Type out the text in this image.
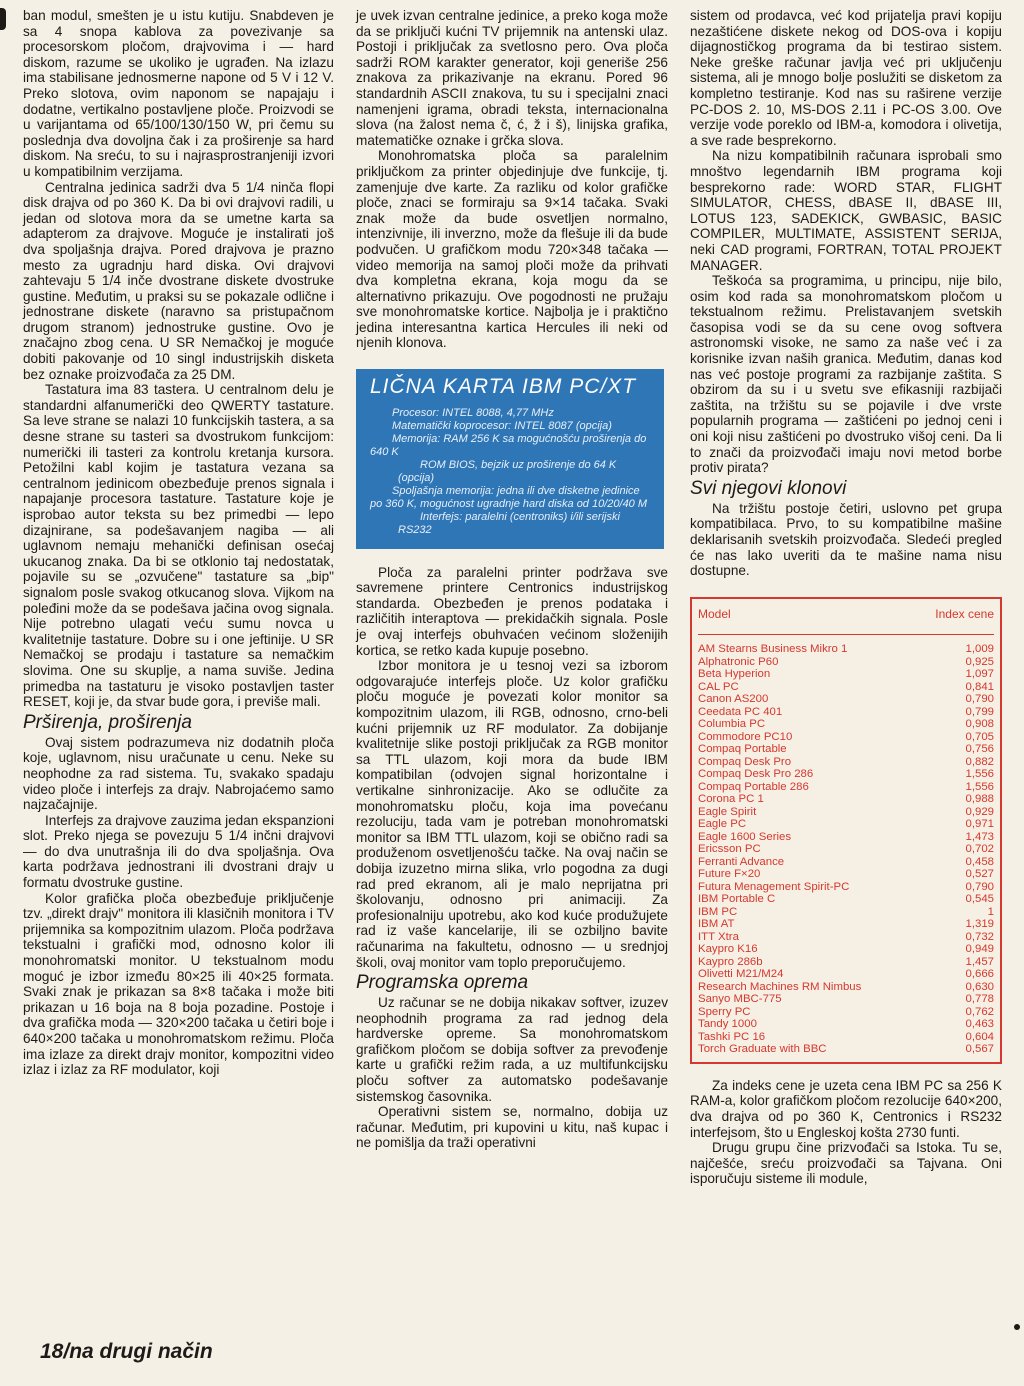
ban modul, smešten je u istu kutiju. Snabdeven je sa 4 snopa kablova za povezivanje sa procesorskom pločom, drajvovima i — hard diskom, razume se ukoliko je ugrađen. Na izlazu ima stabilisane jednosmerne napone od 5 V i 12 V. Preko slotova, ovim naponom se napajaju i dodatne, vertikalno postavljene ploče. Proizvodi se u varijantama od 65/100/130/150 W, pri čemu su poslednja dva dovoljna čak i za proširenje sa hard diskom. Na sreću, to su i najrasprostranjeniji izvori u kompatibilnim verzijama.

Centralna jedinica sadrži dva 5 1/4 ninča flopi disk drajva od po 360 K. Da bi ovi drajvovi radili, u jedan od slotova mora da se umetne karta sa adapterom za drajvove. Moguće je instalirati još dva spoljašnja drajva. Pored drajvova je prazno mesto za ugradnju hard diska. Ovi drajvovi zahtevaju 5 1/4 inče dvostrane diskete dvostruke gustine. Međutim, u praksi su se pokazale odlične i jednostrane diskete (naravno sa pristupačnom drugom stranom) jednostruke gustine. Ovo je značajno zbog cena. U SR Nemačkoj je moguće dobiti pakovanje od 10 singl industrijskih disketa bez oznake proizvođača za 25 DM.

Tastatura ima 83 tastera. U centralnom delu je standardni alfanumerički deo QWERTY tastature. Sa leve strane se nalazi 10 funkcijskih tastera, a sa desne strane su tasteri sa dvostrukom funkcijom: numerički ili tasteri za kontrolu kretanja kursora. Petožilni kabl kojim je tastatura vezana sa centralnom jedinicom obezbeđuje prenos signala i napajanje procesora tastature. Tastature koje je isprobao autor teksta su bez primedbi — lepo dizajnirane, sa podešavanjem nagiba — ali uglavnom nemaju mehanički definisan osećaj ukucanog znaka. Da bi se otklonio taj nedostatak, pojavile su se „ozvučene" tastature sa „bip" signalom posle svakog otkucanog slova. Vijkom na poleđini može da se podešava jačina ovog signala. Nije potrebno ulagati veću sumu novca u kvalitetnije tastature. Dobre su i one jeftinije. U SR Nemačkoj se prodaju i tastature sa nemačkim slovima. One su skuplje, a nama suviše. Jedina primedba na tastaturu je visoko postavljen taster RESET, koji je, da stvar bude gora, i previše mali.

Prširenja, proširenja

Ovaj sistem podrazumeva niz dodatnih ploča koje, uglavnom, nisu uračunate u cenu. Neke su neophodne za rad sistema. Tu, svakako spadaju video ploče i interfejs za drajv. Nabrojaćemo samo najzačajnije.

Interfejs za drajvove zauzima jedan ekspanzioni slot. Preko njega se povezuju 5 1/4 inčni drajvovi — do dva unutrašnja ili do dva spoljašnja. Ova karta podržava jednostrani ili dvostrani drajv u formatu dvostruke gustine.

Kolor grafička ploča obezbeđuje priključenje tzv. „direkt drajv" monitora ili klasičnih monitora i TV prijemnika sa kompozitnim ulazom. Ploča podržava tekstualni i grafički mod, odnosno kolor ili monohromatski monitor. U tekstualnom modu moguć je izbor između 80×25 ili 40×25 formata. Svaki znak je prikazan sa 8×8 tačaka i može biti prikazan u 16 boja na 8 boja pozadine. Postoje i dva grafička moda — 320×200 tačaka u četiri boje i 640×200 tačaka u monohromatskom režimu. Ploča ima izlaze za direkt drajv monitor, kompozitni video izlaz i izlaz za RF modulator, koji

je uvek izvan centralne jedinice, a preko koga može da se priključi kućni TV prijemnik na antenski ulaz. Postoji i priključak za svetlosno pero. Ova ploča sadrži ROM karakter generator, koji generiše 256 znakova za prikazivanje na ekranu. Pored 96 standardnih ASCII znakova, tu su i specijalni znaci namenjeni igrama, obradi teksta, internacionalna slova (na žalost nema č, ć, ž i š), linijska grafika, matematičke oznake i grčka slova.

Monohromatska ploča sa paralelnim priključkom za printer objedinjuje dve funkcije, tj. zamenjuje dve karte. Za razliku od kolor grafičke ploče, znaci se formiraju sa 9×14 tačaka. Svaki znak može da bude osvetljen normalno, intenzivnije, ili inverzno, može da flešuje ili da bude podvučen. U grafičkom modu 720×348 tačaka — video memorija na samoj ploči može da prihvati dva kompletna ekrana, koja mogu da se alternativno prikazuju. Ove pogodnosti ne pružaju sve monohromatske kortice. Najbolja je i praktično jedina interesantna kartica Hercules ili neki od njenih klonova.

LIČNA KARTA IBM PC/XT

Procesor: INTEL 8088, 4,77 MHz

Matematički koprocesor: INTEL 8087 (opcija)

Memorija: RAM 256 K sa mogućnošću proširenja do 640 K

ROM BIOS, bejzik uz proširenje do 64 K (opcija)

Spoljašnja memorija: jedna ili dve disketne jedinice po 360 K, mogućnost ugradnje hard diska od 10/20/40 M

Interfejs: paralelni (centroniks) i/ili serijski RS232

Ploča za paralelni printer podržava sve savremene printere Centronics industrijskog standarda. Obezbeđen je prenos podataka i različitih interaptova — prekidačkih signala. Posle je ovaj interfejs obuhvaćen većinom složenijih kortica, se retko kada kupuje posebno.

Izbor monitora je u tesnoj vezi sa izborom odgovarajuće interfejs ploče. Uz kolor grafičku ploču moguće je povezati kolor monitor sa kompozitnim ulazom, ili RGB, odnosno, crno-beli kućni prijemnik uz RF modulator. Za dobijanje kvalitetnije slike postoji priključak za RGB monitor sa TTL ulazom, koji mora da bude IBM kompatibilan (odvojen signal horizontalne i vertikalne sinhronizacije. Ako se odlučite za monohromatsku ploču, koja ima povećanu rezoluciju, tada vam je potreban monohromatski monitor sa IBM TTL ulazom, koji se obično radi sa produženom osvetljenošću tačke. Na ovaj način se dobija izuzetno mirna slika, vrlo pogodna za dugi rad pred ekranom, ali je malo neprijatna pri školovanju, odnosno pri animaciji. Za profesionalniju upotrebu, ako kod kuće produžujete rad iz vaše kancelarije, ili se ozbiljno bavite računarima na fakultetu, odnosno — u srednjoj školi, ovaj monitor vam toplo preporučujemo.

Programska oprema

Uz računar se ne dobija nikakav softver, izuzev neophodnih programa za rad jednog dela hardverske opreme. Sa monohromatskom grafičkom pločom se dobija softver za prevođenje karte u grafički režim rada, a uz multifunkcijsku ploču softver za automatsko podešavanje sistemskog časovnika.

Operativni sistem se, normalno, dobija uz računar. Međutim, pri kupovini u kitu, naš kupac i ne pomišlja da traži operativni

sistem od prodavca, već kod prijatelja pravi kopiju nezaštićene diskete nekog od DOS-ova i kopiju dijagnostičkog programa da bi testirao sistem. Neke greške računar javlja već pri uključenju sistema, ali je mnogo bolje poslužiti se disketom za kompletno testiranje. Kod nas su raširene verzije PC-DOS 2. 10, MS-DOS 2.11 i PC-OS 3.00. Ove verzije vode poreklo od IBM-a, komodora i olivetija, a sve rade besprekorno.

Na nizu kompatibilnih računara isprobali smo mnoštvo legendarnih IBM programa koji besprekorno rade: WORD STAR, FLIGHT SIMULATOR, CHESS, dBASE II, dBASE III, LOTUS 123, SADEKICK, GWBASIC, BASIC COMPILER, MULTIMATE, ASSISTENT SERIJA, neki CAD programi, FORTRAN, TOTAL PROJEKT MANAGER.

Teškoća sa programima, u principu, nije bilo, osim kod rada sa monohromatskom pločom u tekstualnom režimu. Prelistavanjem svetskih časopisa vodi se da su cene ovog softvera astronomski visoke, ne samo za naše već i za korisnike izvan naših granica. Međutim, danas kod nas već postoje programi za razbijanje zaštita. S obzirom da su i u svetu sve efikasniji razbijači zaštita, na tržištu su se pojavile i dve vrste popularnih programa — zaštićeni po jednoj ceni i oni koji nisu zaštićeni po dvostruko višoj ceni. Da li to znači da proizvođači imaju novi metod borbe protiv pirata?

Svi njegovi klonovi

Na tržištu postoje četiri, uslovno pet grupa kompatibilaca. Prvo, to su kompatibilne mašine deklarisanih svetskih proizvođača. Sledeći pregled će nas lako uveriti da te mašine nama nisu dostupne.

Model	Index cene
AM Stearns Business Mikro 1	1,009
Alphatronic P60	0,925
Beta Hyperion	1,097
CAL PC	0,841
Canon AS200	0,790
Ceedata PC 401	0,799
Columbia PC	0,908
Commodore PC10	0,705
Compaq Portable	0,756
Compaq Desk Pro	0,882
Compaq Desk Pro 286	1,556
Compaq Portable 286	1,556
Corona PC 1	0,988
Eagle Spirit	0,929
Eagle PC	0,971
Eagle 1600 Series	1,473
Ericsson PC	0,702
Ferranti Advance	0,458
Future F×20	0,527
Futura Menagement Spirit-PC	0,790
IBM Portable C	0,545
IBM PC	1
IBM AT	1,319
ITT Xtra	0,732
Kaypro K16	0,949
Kaypro 286b	1,457
Olivetti M21/M24	0,666
Research Machines RM Nimbus	0,630
Sanyo MBC-775	0,778
Sperry PC	0,762
Tandy 1000	0,463
Tashki PC 16	0,604
Torch Graduate with BBC	0,567

Za indeks cene je uzeta cena IBM PC sa 256 K RAM-a, kolor grafičkom pločom rezolucije 640×200, dva drajva od po 360 K, Centronics i RS232 interfejsom, što u Engleskoj košta 2730 funti.

Drugu grupu čine prizvođači sa Istoka. Tu se, najčešće, sreću proizvođači sa Tajvana. Oni isporučuju sisteme ili module,

18/na drugi način
